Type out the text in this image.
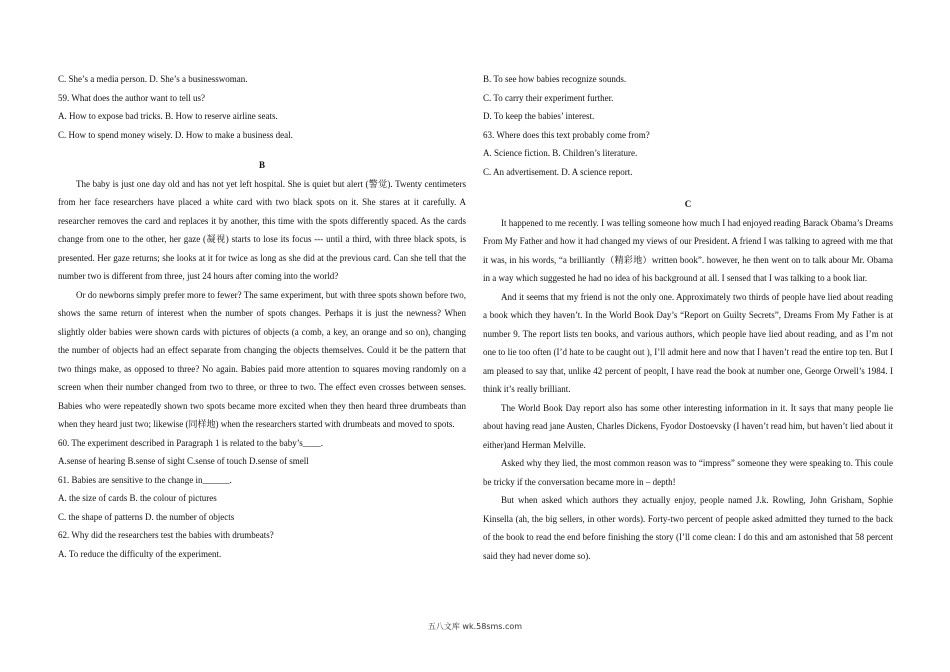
C. She’s a media person. D. She’s a businesswoman.
59. What does the author want to tell us?
A. How to expose bad tricks. B. How to reserve airline seats.
C. How to spend money wisely. D. How to make a business deal.
B
The baby is just one day old and has not yet left hospital. She is quiet but alert (警觉). Twenty centimeters from her face researchers have placed a white card with two black spots on it. She stares at it carefully. A researcher removes the card and replaces it by another, this time with the spots differently spaced. As the cards change from one to the other, her gaze (凝视) starts to lose its focus --- until a third, with three black spots, is presented. Her gaze returns; she looks at it for twice as long as she did at the previous card. Can she tell that the number two is different from three, just 24 hours after coming into the world?
Or do newborns simply prefer more to fewer? The same experiment, but with three spots shown before two, shows the same return of interest when the number of spots changes. Perhaps it is just the newness? When slightly older babies were shown cards with pictures of objects (a comb, a key, an orange and so on), changing the number of objects had an effect separate from changing the objects themselves. Could it be the pattern that two things make, as opposed to three? No again. Babies paid more attention to squares moving randomly on a screen when their number changed from two to three, or three to two. The effect even crosses between senses. Babies who were repeatedly shown two spots became more excited when they then heard three drumbeats than when they heard just two; likewise (同样地) when the researchers started with drumbeats and moved to spots.
60. The experiment described in Paragraph 1 is related to the baby’s____.
A.sense of hearing B.sense of sight C.sense of touch D.sense of smell
61. Babies are sensitive to the change in______.
A. the size of cards B. the colour of pictures
C. the shape of patterns D. the number of objects
62. Why did the researchers test the babies with drumbeats?
A. To reduce the difficulty of the experiment.
B. To see how babies recognize sounds.
C. To carry their experiment further.
D. To keep the babies’ interest.
63. Where does this text probably come from?
A. Science fiction. B. Children’s literature.
C. An advertisement. D. A science report.
C
It happened to me recently. I was telling someone how much I had enjoyed reading Barack Obama’s Dreams From My Father and how it had changed my views of our President. A friend I was talking to agreed with me that it was, in his words, “a brilliantly（精彩地）written book”. however, he then went on to talk abour Mr. Obama in a way which suggested he had no idea of his background at all. I sensed that I was talking to a book liar.
And it seems that my friend is not the only one. Approximately two thirds of people have lied about reading a book which they haven’t. In the World Book Day’s “Report on Guilty Secrets”, Dreams From My Father is at number 9. The report lists ten books, and various authors, which people have lied about reading, and as I’m not one to lie too often (I’d hate to be caught out ), I’ll admit here and now that I haven’t read the entire top ten. But I am pleased to say that, unlike 42 percent of peoplt, I have read the book at number one, George Orwell’s 1984. I think it’s really brilliant.
The World Book Day report also has some other interesting information in it. It says that many people lie about having read jane Austen, Charles Dickens, Fyodor Dostoevsky (I haven’t read him, but haven’t lied about it either)and Herman Melville.
Asked why they lied, the most common reason was to “impress” someone they were speaking to. This coule be tricky if the conversation became more in – depth!
But when asked which authors they actually enjoy, people named J.k. Rowling, John Grisham, Sophie Kinsella (ah, the big sellers, in other words). Forty-two percent of people asked admitted they turned to the back of the book to read the end before finishing the story (I’ll come clean: I do this and am astonished that 58 percent said they had never dome so).
五八文库 wk.58sms.com
